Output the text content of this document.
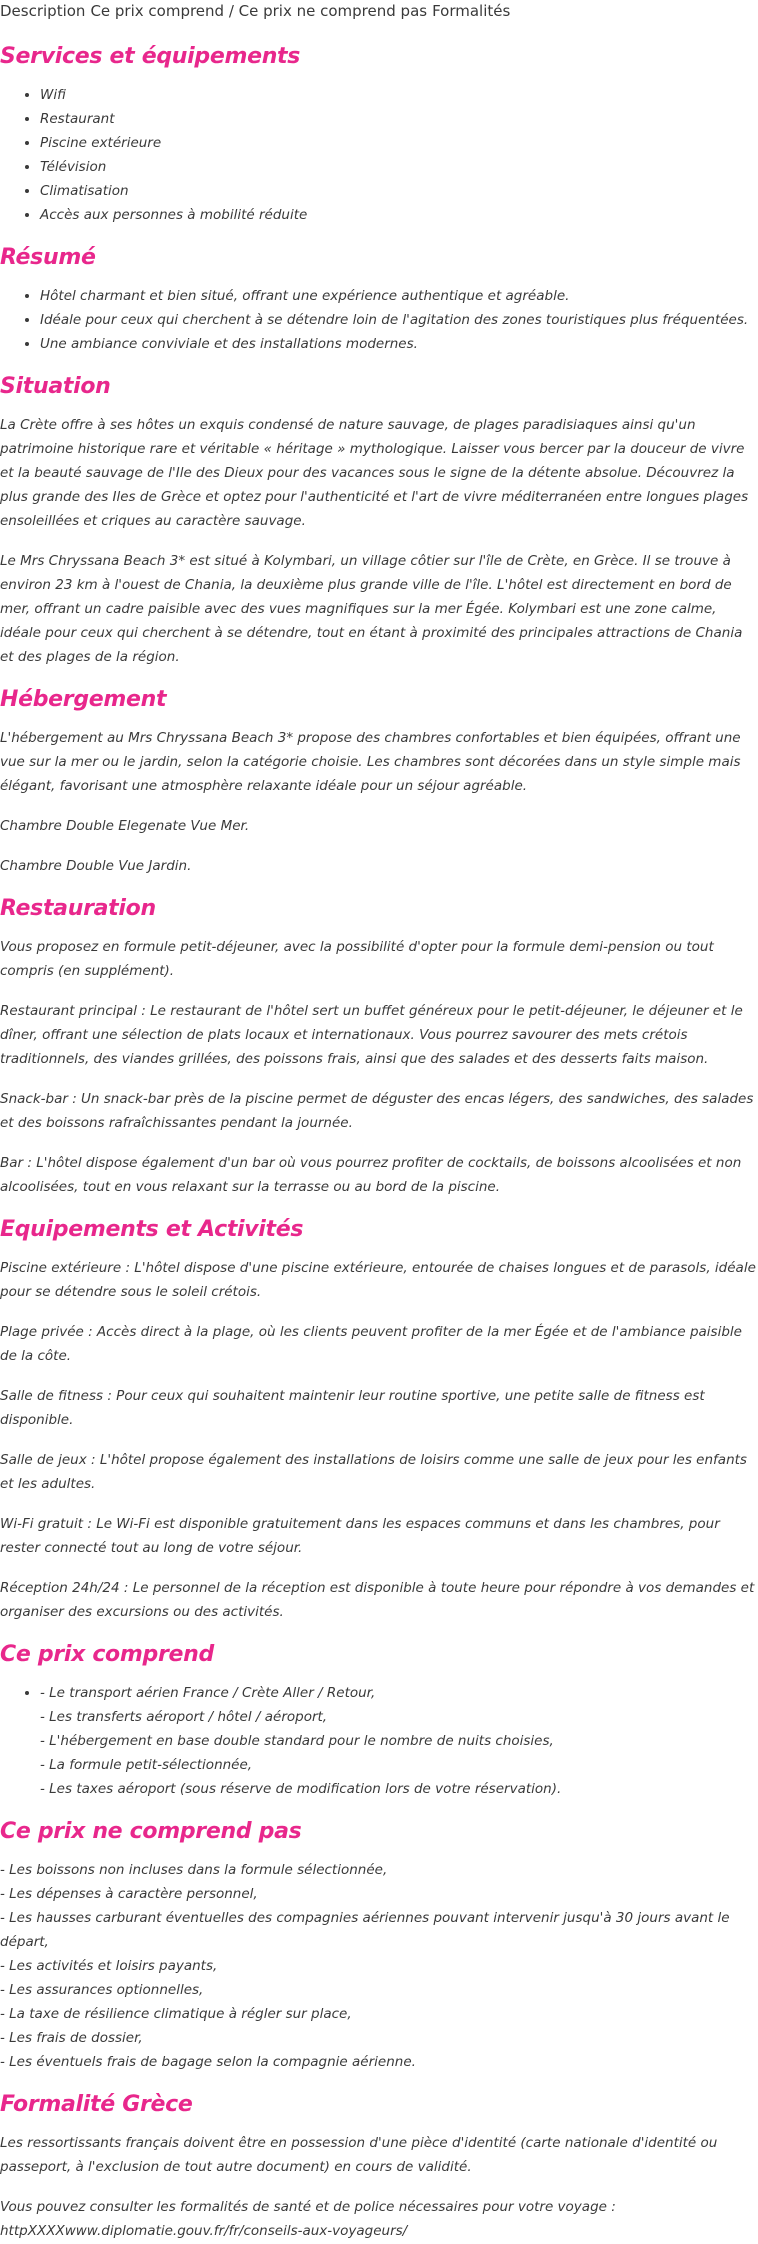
Description Ce prix comprend / Ce prix ne comprend pas Formalités
Services et équipements
• Wifi
• Restaurant
• Piscine extérieure
• Télévision
• Climatisation
• Accès aux personnes à mobilité réduite
Résumé
• Hôtel charmant et bien situé, offrant une expérience authentique et agréable.
• Idéale pour ceux qui cherchent à se détendre loin de l'agitation des zones touristiques plus fréquentées.
• Une ambiance conviviale et des installations modernes.
Situation

La Crète offre à ses hôtes un exquis condensé de nature sauvage, de plages paradisiaques ainsi qu'un patrimoine historique rare et véritable « héritage » mythologique. Laisser vous bercer par la douceur de vivre et la beauté sauvage de l'Ile des Dieux pour des vacances sous le signe de la détente absolue. Découvrez la plus grande des Iles de Grèce et optez pour l'authenticité et l'art de vivre méditerranéen entre longues plages ensoleillées et criques au caractère sauvage.

Le Mrs Chryssana Beach 3* est situé à Kolymbari, un village côtier sur l'île de Crète, en Grèce. Il se trouve à environ 23 km à l'ouest de Chania, la deuxième plus grande ville de l'île. L'hôtel est directement en bord de mer, offrant un cadre paisible avec des vues magnifiques sur la mer Égée. Kolymbari est une zone calme, idéale pour ceux qui cherchent à se détendre, tout en étant à proximité des principales attractions de Chania et des plages de la région.

Hébergement

L'hébergement au Mrs Chryssana Beach 3* propose des chambres confortables et bien équipées, offrant une vue sur la mer ou le jardin, selon la catégorie choisie. Les chambres sont décorées dans un style simple mais élégant, favorisant une atmosphère relaxante idéale pour un séjour agréable.

Chambre Double Elegenate Vue Mer.

Chambre Double Vue Jardin.

Restauration

Vous proposez en formule petit-déjeuner, avec la possibilité d'opter pour la formule demi-pension ou tout compris (en supplément).

Restaurant principal : Le restaurant de l'hôtel sert un buffet généreux pour le petit-déjeuner, le déjeuner et le dîner, offrant une sélection de plats locaux et internationaux. Vous pourrez savourer des mets crétois traditionnels, des viandes grillées, des poissons frais, ainsi que des salades et des desserts faits maison.

Snack-bar : Un snack-bar près de la piscine permet de déguster des encas légers, des sandwiches, des salades et des boissons rafraîchissantes pendant la journée.

Bar : L'hôtel dispose également d'un bar où vous pourrez profiter de cocktails, de boissons alcoolisées et non alcoolisées, tout en vous relaxant sur la terrasse ou au bord de la piscine.

Equipements et Activités

Piscine extérieure : L'hôtel dispose d'une piscine extérieure, entourée de chaises longues et de parasols, idéale pour se détendre sous le soleil crétois.

Plage privée : Accès direct à la plage, où les clients peuvent profiter de la mer Égée et de l'ambiance paisible de la côte.

Salle de fitness : Pour ceux qui souhaitent maintenir leur routine sportive, une petite salle de fitness est disponible.

Salle de jeux : L'hôtel propose également des installations de loisirs comme une salle de jeux pour les enfants et les adultes.

Wi-Fi gratuit : Le Wi-Fi est disponible gratuitement dans les espaces communs et dans les chambres, pour rester connecté tout au long de votre séjour.

Réception 24h/24 : Le personnel de la réception est disponible à toute heure pour répondre à vos demandes et organiser des excursions ou des activités.

Ce prix comprend
• - Le transport aérien France / Crète Aller / Retour,
- Les transferts aéroport / hôtel / aéroport,
- L'hébergement en base double standard pour le nombre de nuits choisies,
- La formule petit-sélectionnée,
- Les taxes aéroport (sous réserve de modification lors de votre réservation).
Ce prix ne comprend pas
- Les boissons non incluses dans la formule sélectionnée,
- Les dépenses à caractère personnel,
- Les hausses carburant éventuelles des compagnies aériennes pouvant intervenir jusqu'à 30 jours avant le départ,
- Les activités et loisirs payants,
- Les assurances optionnelles,
- La taxe de résilience climatique à régler sur place,
- Les frais de dossier,
- Les éventuels frais de bagage selon la compagnie aérienne.
Formalité Grèce

Les ressortissants français doivent être en possession d'une pièce d'identité (carte nationale d'identité ou passeport, à l'exclusion de tout autre document) en cours de validité.

Vous pouvez consulter les formalités de santé et de police nécessaires pour votre voyage : httpXXXXwww.diplomatie.gouv.fr/fr/conseils-aux-voyageurs/
